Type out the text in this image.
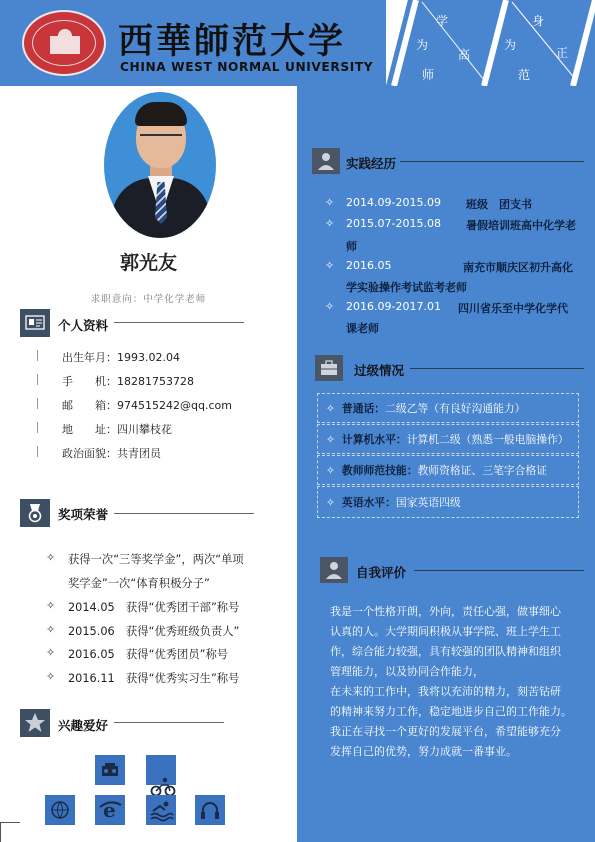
西華師范大学
CHINA WEST NORMAL UNIVERSITY
学
为
高
师
身
为
正
范
郭光友
求职意向：中学化学老师
个人资料
出生年月：1993.02.04
手　　机：18281753728
邮　　箱：974515242@qq.com
地　　址：四川攀枝花
政治面貌：共青团员
奖项荣誉
✧ 获得一次“三等奖学金”，两次“单项
奖学金”一次“体育积极分子”
✧ 2014.05　获得“优秀团干部”称号
✧ 2015.06　获得“优秀班级负责人”
✧ 2016.05　获得“优秀团员”称号
✧ 2016.11　获得“优秀实习生”称号
兴趣爱好
e
实践经历
✧ 2014.09-2015.09 班级　团支书
✧ 2015.07-2015.08 暑假培训班高中化学老
师
✧ 2016.05	南充市顺庆区初升高化
学实验操作考试监考老师
✧ 2016.09-2017.01 四川省乐至中学化学代
课老师
过级情况
✧  普通话：二级乙等（有良好沟通能力）
✧  计算机水平：计算机二级（熟悉一般电脑操作）
✧  教师师范技能：教师资格证、三笔字合格证
✧  英语水平：国家英语四级
自我评价
我是一个性格开朗，外向，责任心强，做事细心
认真的人。大学期间积极从事学院、班上学生工
作，综合能力较强，具有较强的团队精神和组织
管理能力，以及协同合作能力，
在未来的工作中，我将以充沛的精力，刻苦钻研
的精神来努力工作，稳定地进步自己的工作能力。
我正在寻找一个更好的发展平台，希望能够充分
发挥自己的优势，努力成就一番事业。
